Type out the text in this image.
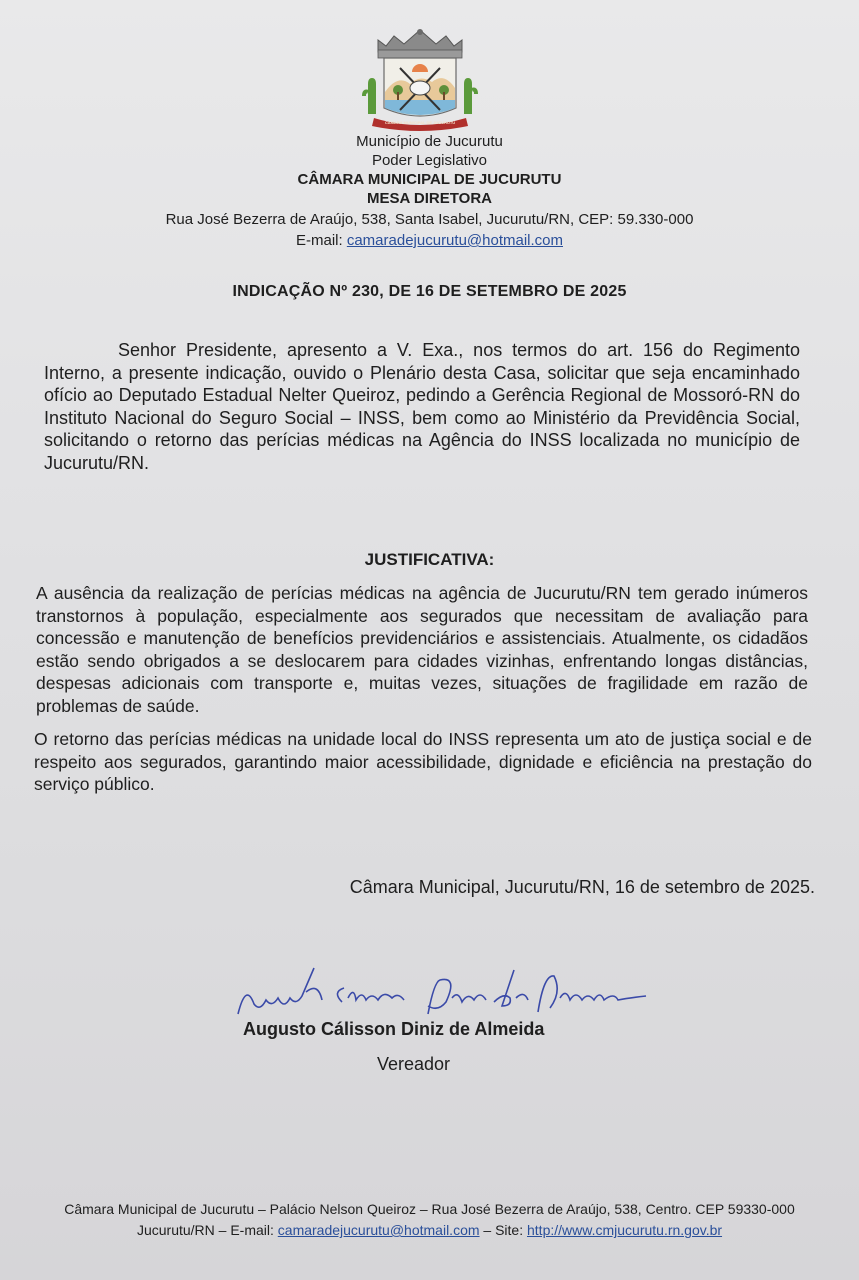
CÂMARA MUNICIPAL DE JUCURUTU
Município de Jucurutu
Poder Legislativo
CÂMARA MUNICIPAL DE JUCURUTU
MESA DIRETORA
Rua José Bezerra de Araújo, 538, Santa Isabel, Jucurutu/RN, CEP: 59.330-000
E-mail: camaradejucurutu@hotmail.com
INDICAÇÃO Nº 230, DE 16 DE SETEMBRO DE 2025
Senhor Presidente, apresento a V. Exa., nos termos do art. 156 do Regimento Interno, a presente indicação, ouvido o Plenário desta Casa, solicitar que seja encaminhado ofício ao Deputado Estadual Nelter Queiroz, pedindo a Gerência Regional de Mossoró-RN do Instituto Nacional do Seguro Social – INSS, bem como ao Ministério da Previdência Social, solicitando o retorno das perícias médicas na Agência do INSS localizada no município de Jucurutu/RN.
JUSTIFICATIVA:
A ausência da realização de perícias médicas na agência de Jucurutu/RN tem gerado inúmeros transtornos à população, especialmente aos segurados que necessitam de avaliação para concessão e manutenção de benefícios previdenciários e assistenciais. Atualmente, os cidadãos estão sendo obrigados a se deslocarem para cidades vizinhas, enfrentando longas distâncias, despesas adicionais com transporte e, muitas vezes, situações de fragilidade em razão de problemas de saúde.
O retorno das perícias médicas na unidade local do INSS representa um ato de justiça social e de respeito aos segurados, garantindo maior acessibilidade, dignidade e eficiência na prestação do serviço público.
Câmara Municipal, Jucurutu/RN, 16 de setembro de 2025.
Augusto Cálisson Diniz de Almeida
Vereador
Câmara Municipal de Jucurutu – Palácio Nelson Queiroz – Rua José Bezerra de Araújo, 538, Centro. CEP 59330-000
Jucurutu/RN – E-mail: camaradejucurutu@hotmail.com – Site: http://www.cmjucurutu.rn.gov.br
